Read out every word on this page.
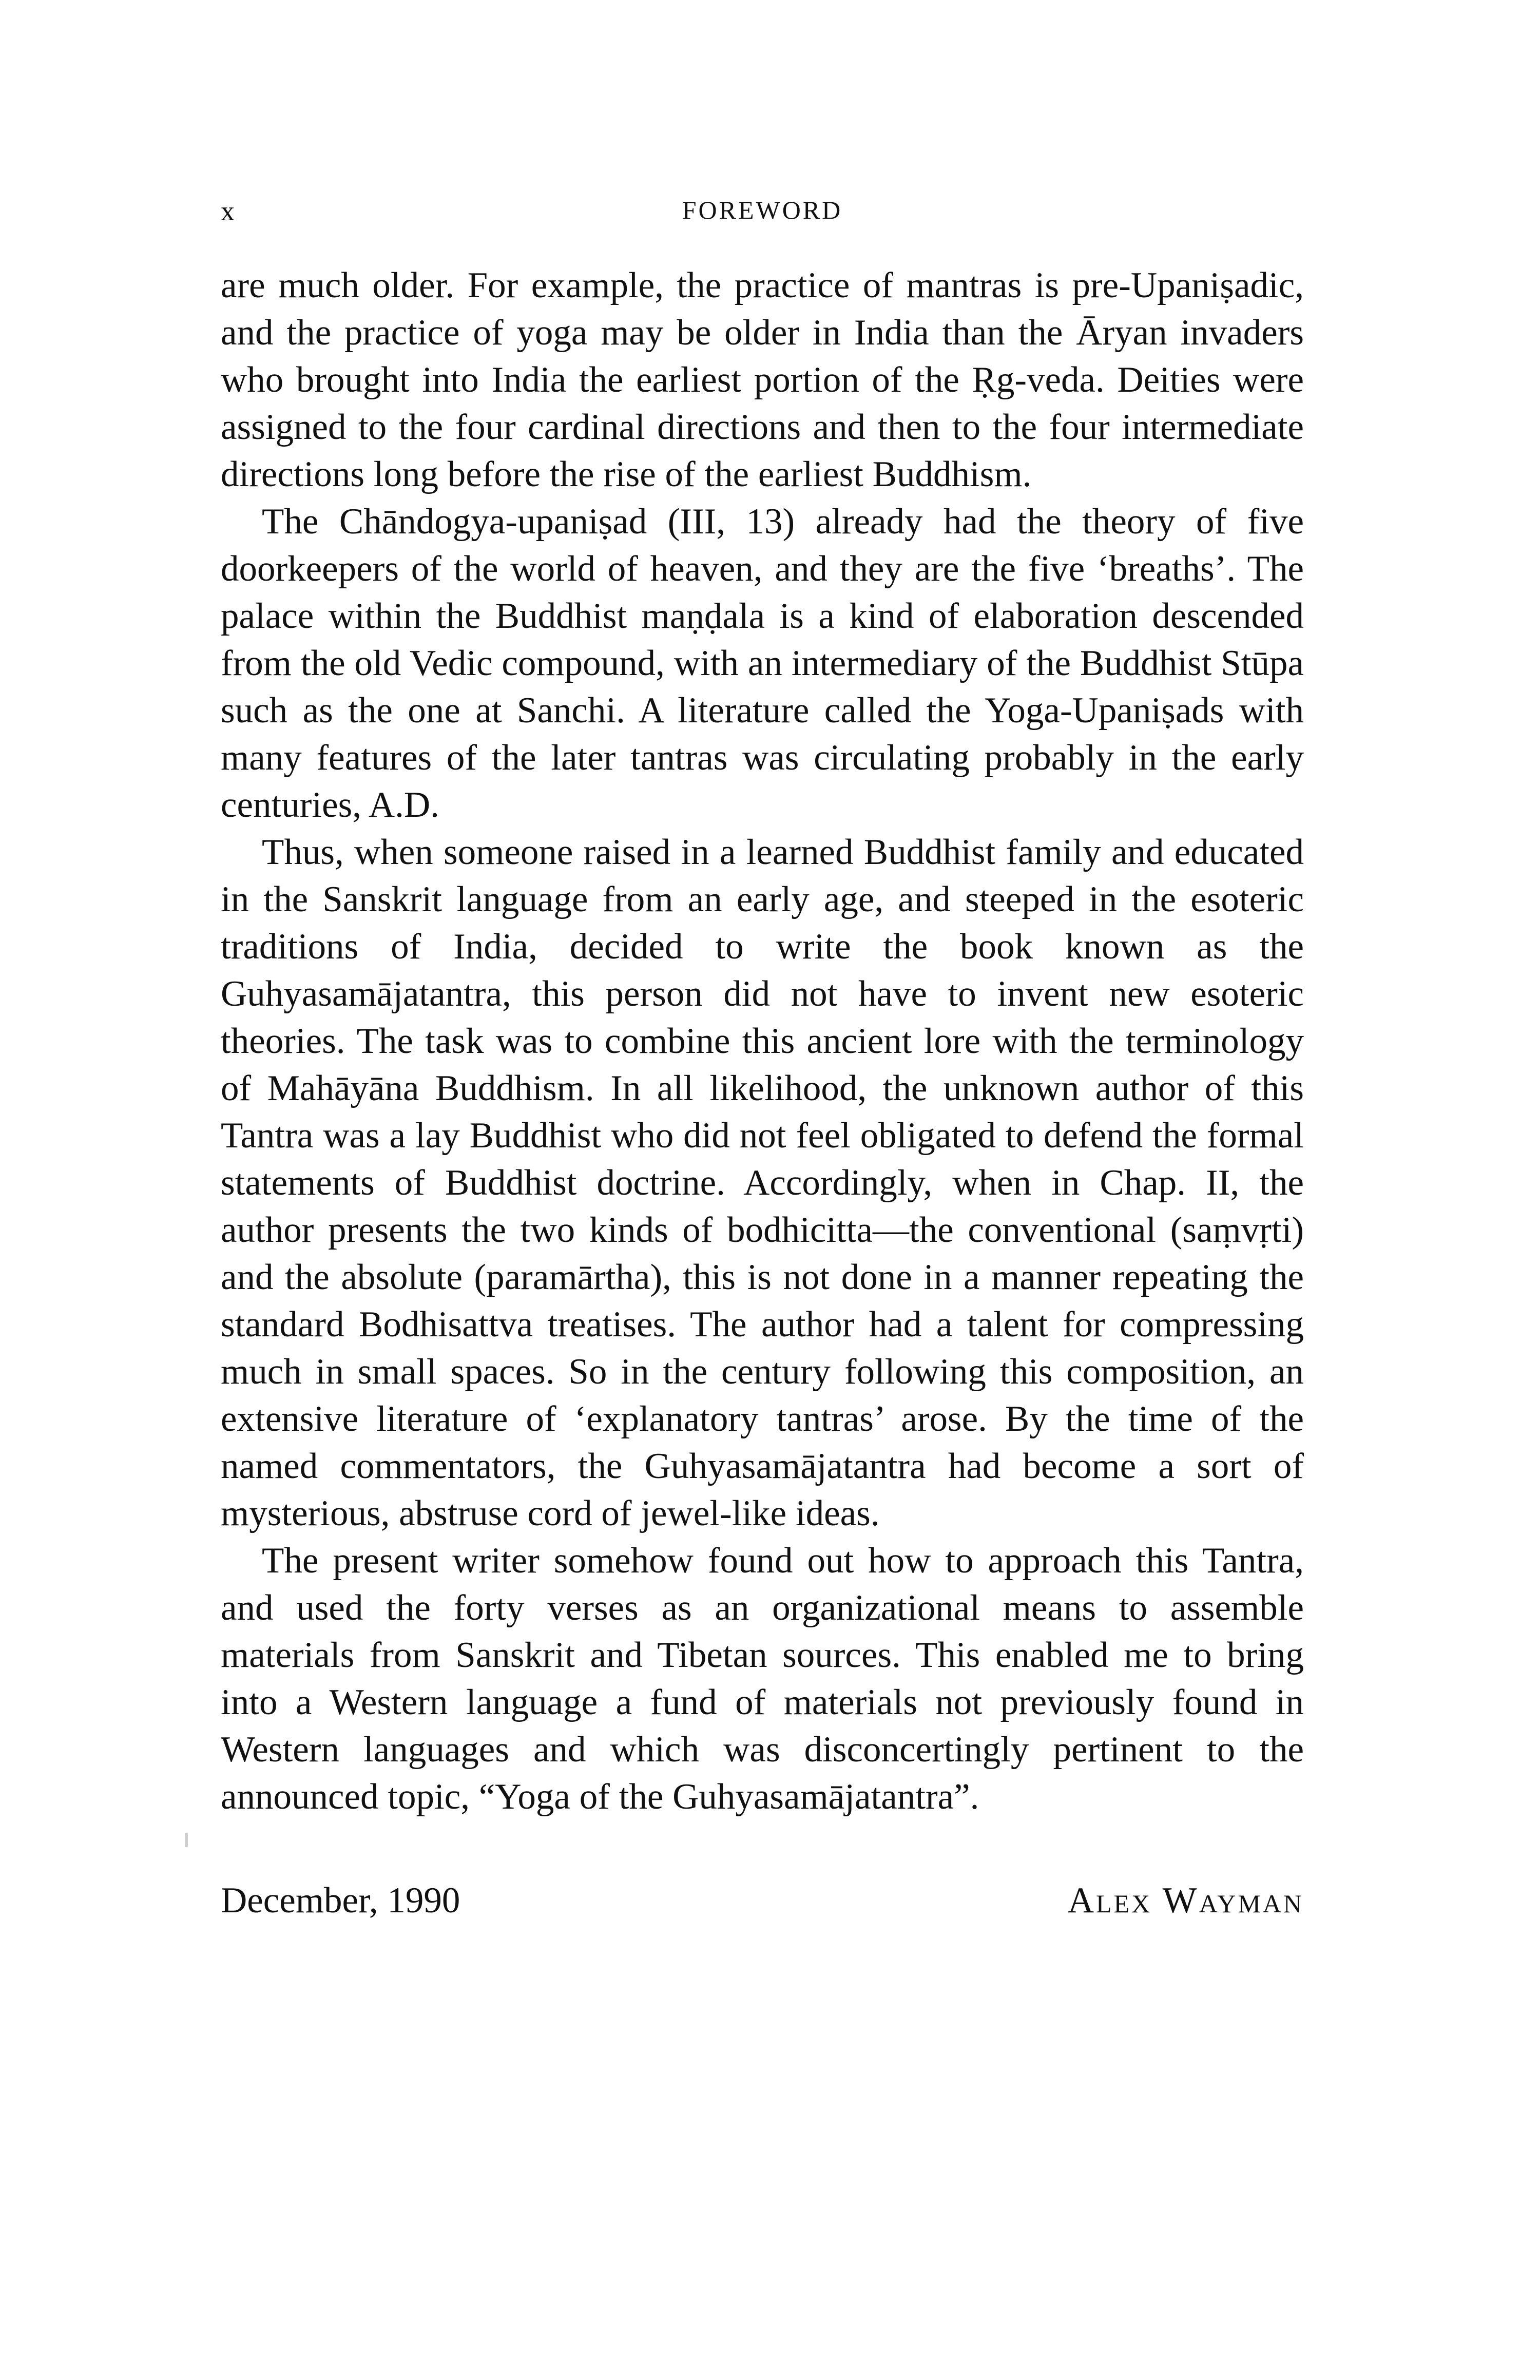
x	FOREWORD

are much older. For example, the practice of mantras is pre-Upaniṣadic, and the practice of yoga may be older in India than the Āryan invaders who brought into India the earliest portion of the Ṛg-veda. Deities were assigned to the four cardinal directions and then to the four intermediate directions long before the rise of the earliest Buddhism.

The Chāndogya-upaniṣad (III, 13) already had the theory of five doorkeepers of the world of heaven, and they are the five ‘breaths’. The palace within the Buddhist maṇḍala is a kind of elaboration descended from the old Vedic compound, with an intermediary of the Buddhist Stūpa such as the one at Sanchi. A literature called the Yoga-Upaniṣads with many features of the later tantras was circulating probably in the early centuries, A.D.

Thus, when someone raised in a learned Buddhist family and educated in the Sanskrit language from an early age, and steeped in the esoteric traditions of India, decided to write the book known as the Guhyasamājatantra, this person did not have to invent new esoteric theories. The task was to combine this ancient lore with the terminology of Mahāyāna Buddhism. In all likelihood, the unknown author of this Tantra was a lay Buddhist who did not feel obligated to defend the formal statements of Buddhist doctrine. Accordingly, when in Chap. II, the author presents the two kinds of bodhicitta—the conventional (saṃvṛti) and the absolute (paramārtha), this is not done in a manner repeating the standard Bodhisattva treatises. The author had a talent for compressing much in small spaces. So in the century following this composition, an extensive literature of ‘explanatory tantras’ arose. By the time of the named commentators, the Guhyasamājatantra had become a sort of mysterious, abstruse cord of jewel-like ideas.

The present writer somehow found out how to approach this Tantra, and used the forty verses as an organizational means to assemble materials from Sanskrit and Tibetan sources. This enabled me to bring into a Western language a fund of materials not previously found in Western languages and which was disconcertingly pertinent to the announced topic, “Yoga of the Guhyasamājatantra”.

December, 1990	Alex Wayman
